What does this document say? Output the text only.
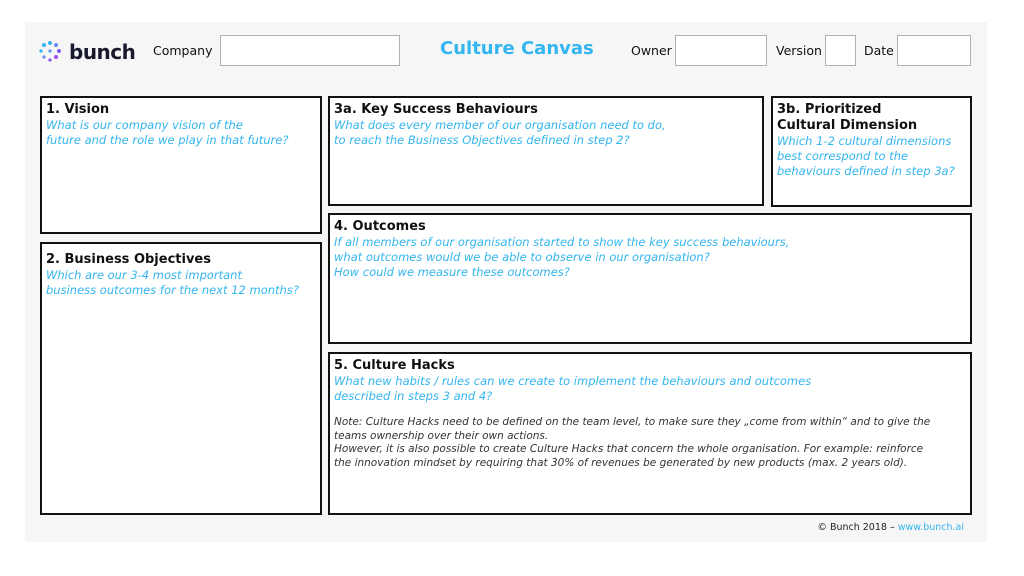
bunch Company	Culture Canvas	Owner	Version	Date
1. Vision

What is our company vision of the
future and the role we play in that future?

2. Business Objectives

Which are our 3-4 most important
business outcomes for the next 12 months?

3a. Key Success Behaviours

What does every member of our organisation need to do,
to reach the Business Objectives defined in step 2?

3b. Prioritized
Cultural Dimension

Which 1-2 cultural dimensions
best correspond to the
behaviours defined in step 3a?

4. Outcomes

If all members of our organisation started to show the key success behaviours,
what outcomes would we be able to observe in our organisation?
How could we measure these outcomes?

5. Culture Hacks

What new habits / rules can we create to implement the behaviours and outcomes
described in steps 3 and 4?

Note: Culture Hacks need to be defined on the team level, to make sure they „come from within“ and to give the
teams ownership over their own actions.
However, it is also possible to create Culture Hacks that concern the whole organisation. For example: reinforce
the innovation mindset by requiring that 30% of revenues be generated by new products (max. 2 years old).

© Bunch 2018 – www.bunch.ai
